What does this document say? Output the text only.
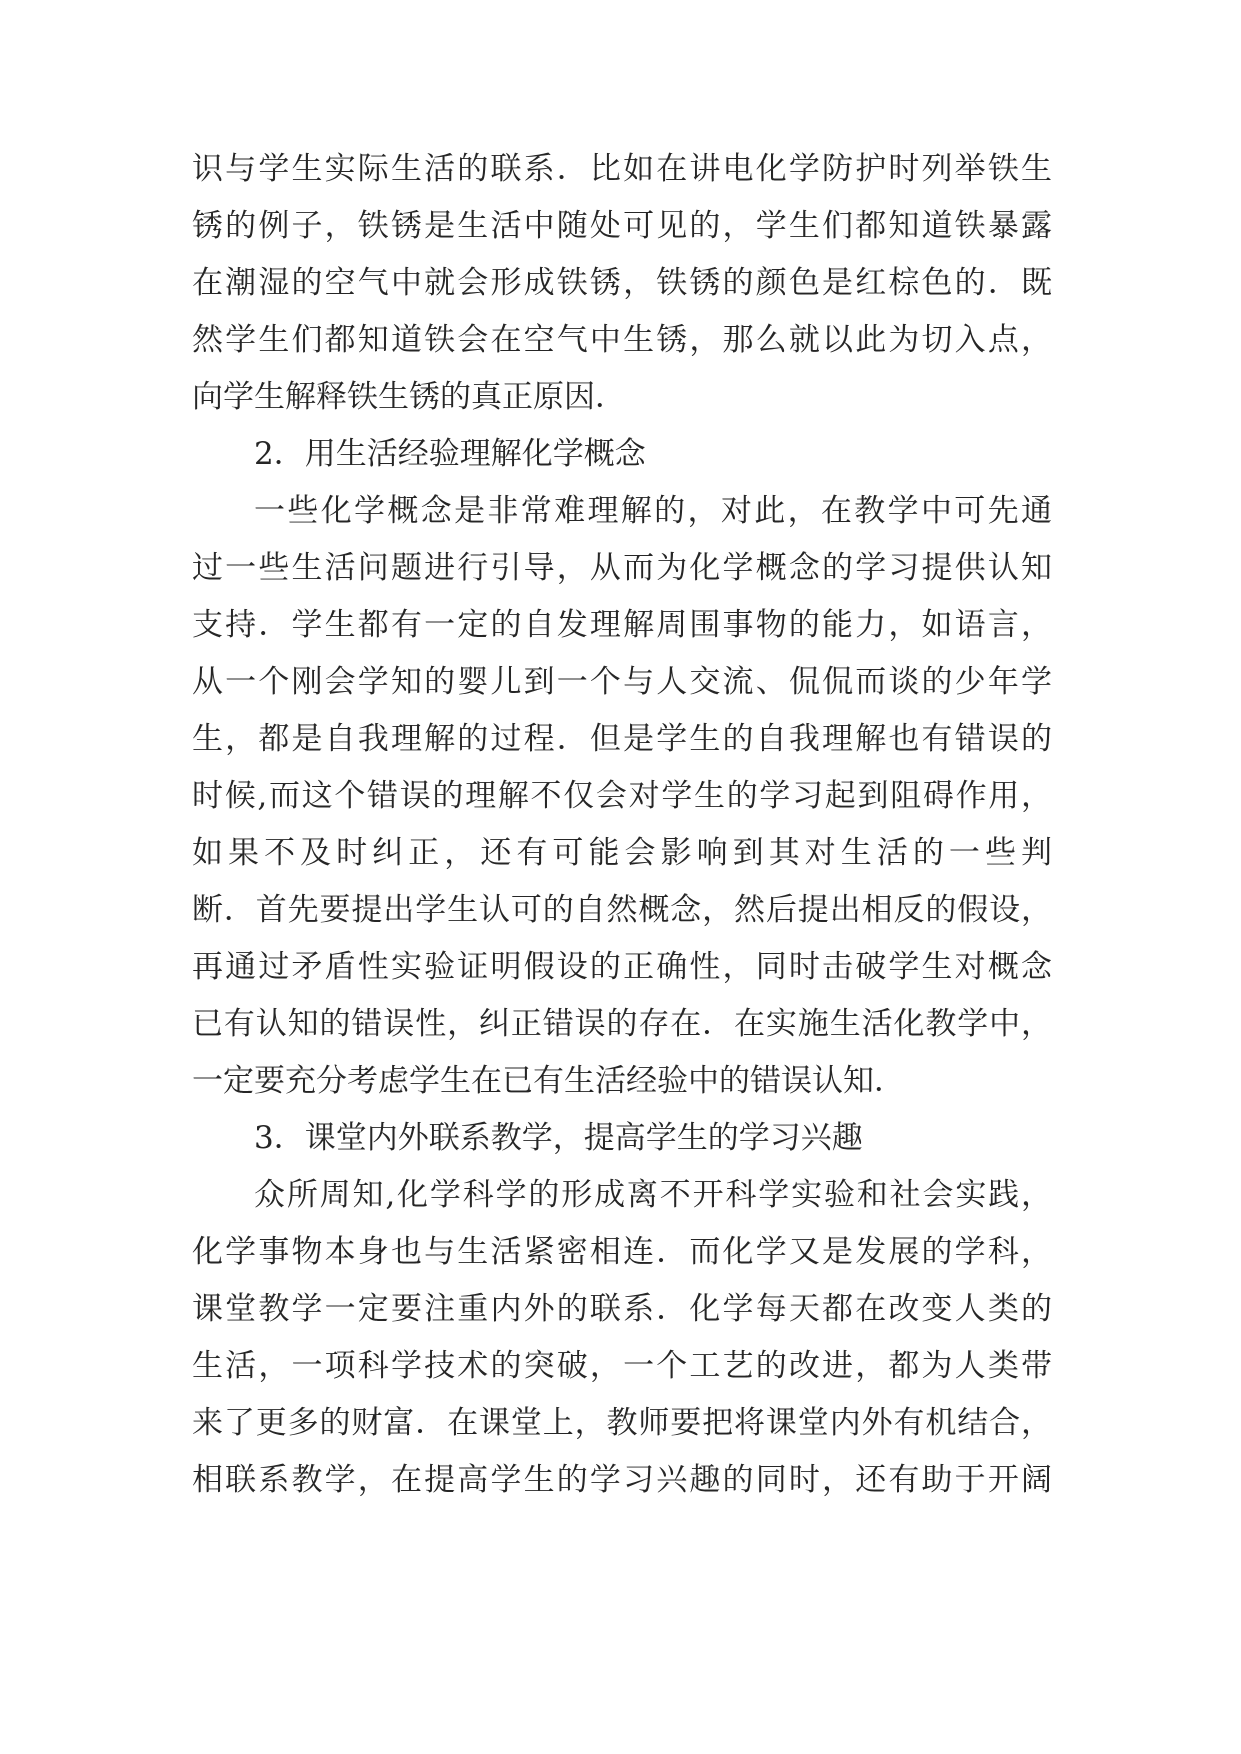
识与学生实际生活的联系．比如在讲电化学防护时列举铁生
锈的例子，铁锈是生活中随处可见的，学生们都知道铁暴露
在潮湿的空气中就会形成铁锈，铁锈的颜色是红棕色的．既
然学生们都知道铁会在空气中生锈，那么就以此为切入点，
向学生解释铁生锈的真正原因．
2．用生活经验理解化学概念
一些化学概念是非常难理解的，对此，在教学中可先通
过一些生活问题进行引导，从而为化学概念的学习提供认知
支持．学生都有一定的自发理解周围事物的能力，如语言，
从一个刚会学知的婴儿到一个与人交流、侃侃而谈的少年学
生，都是自我理解的过程．但是学生的自我理解也有错误的
时候,而这个错误的理解不仅会对学生的学习起到阻碍作用，
如果不及时纠正，还有可能会影响到其对生活的一些判
断．首先要提出学生认可的自然概念，然后提出相反的假设，
再通过矛盾性实验证明假设的正确性，同时击破学生对概念
已有认知的错误性，纠正错误的存在．在实施生活化教学中，
一定要充分考虑学生在已有生活经验中的错误认知．
3．课堂内外联系教学，提高学生的学习兴趣
众所周知,化学科学的形成离不开科学实验和社会实践，
化学事物本身也与生活紧密相连．而化学又是发展的学科，
课堂教学一定要注重内外的联系．化学每天都在改变人类的
生活，一项科学技术的突破，一个工艺的改进，都为人类带
来了更多的财富．在课堂上，教师要把将课堂内外有机结合，
相联系教学，在提高学生的学习兴趣的同时，还有助于开阔
